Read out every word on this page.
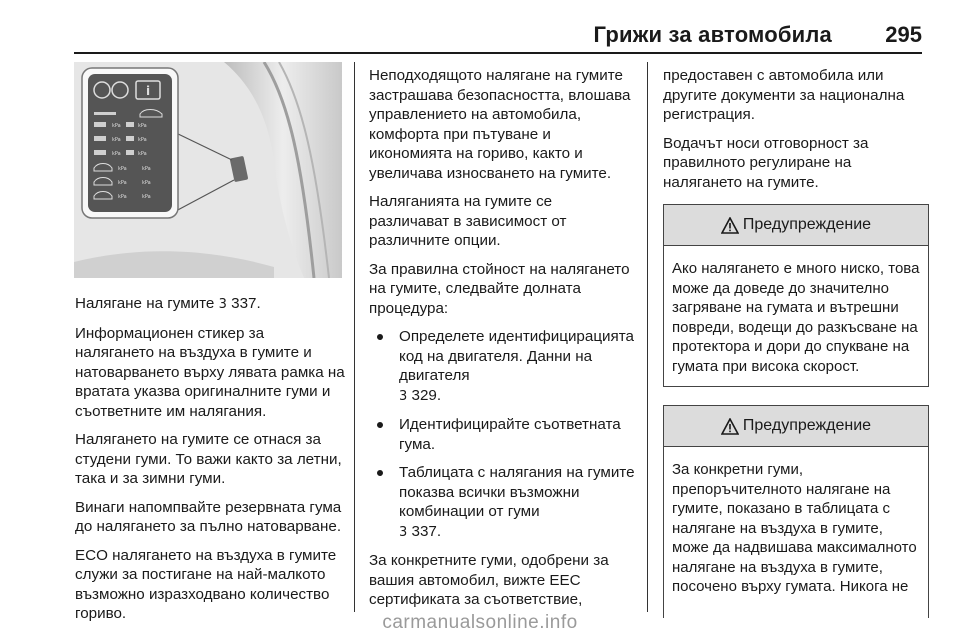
Грижи за автомобила 295
i
kPa	kPa
kPa	kPa
kPa	kPa
kPa	kPa
kPa	kPa
kPa	kPa

Налягане на гумите 3 337.

Информационен стикер за налягането на въздуха в гумите и натоварването върху лявата рамка на вратата указва оригиналните гуми и съответните им налягания.

Налягането на гумите се отнася за студени гуми. То важи както за летни, така и за зимни гуми.

Винаги напомпвайте резервната гума до налягането за пълно натоварване.

ECO налягането на въздуха в гумите служи за постигане на най-малкото възможно изразходвано количество гориво.

Неподходящото налягане на гумите застрашава безопасността, влошава управлението на автомобила, комфорта при пътуване и икономията на гориво, както и увеличава износването на гумите.

Наляганията на гумите се различават в зависимост от различните опции.

За правилна стойност на налягането на гумите, следвайте долната процедура:

Определете идентифицирацията код на двигателя. Данни на двигателя
3 329.
Идентифицирайте съответната гума.
Таблицата с налягания на гумите показва всички възможни комбинации от гуми
3 337.

За конкретните гуми, одобрени за вашия автомобил, вижте ЕЕС сертификата за съответствие,

предоставен с автомобила или другите документи за национална регистрация.

Водачът носи отговорност за правилното регулиране на налягането на гумите.

Предупреждение
Ако налягането е много ниско, това може да доведе до значително загряване на гумата и вътрешни повреди, водещи до разкъсване на протектора и дори до спукване на гумата при висока скорост.
Предупреждение
За конкретни гуми, препоръчителното налягане на гумите, показано в таблицата с налягане на въздуха в гумите, може да надвишава максималното налягане на въздуха в гумите, посочено върху гумата. Никога не
carmanualsonline.info
